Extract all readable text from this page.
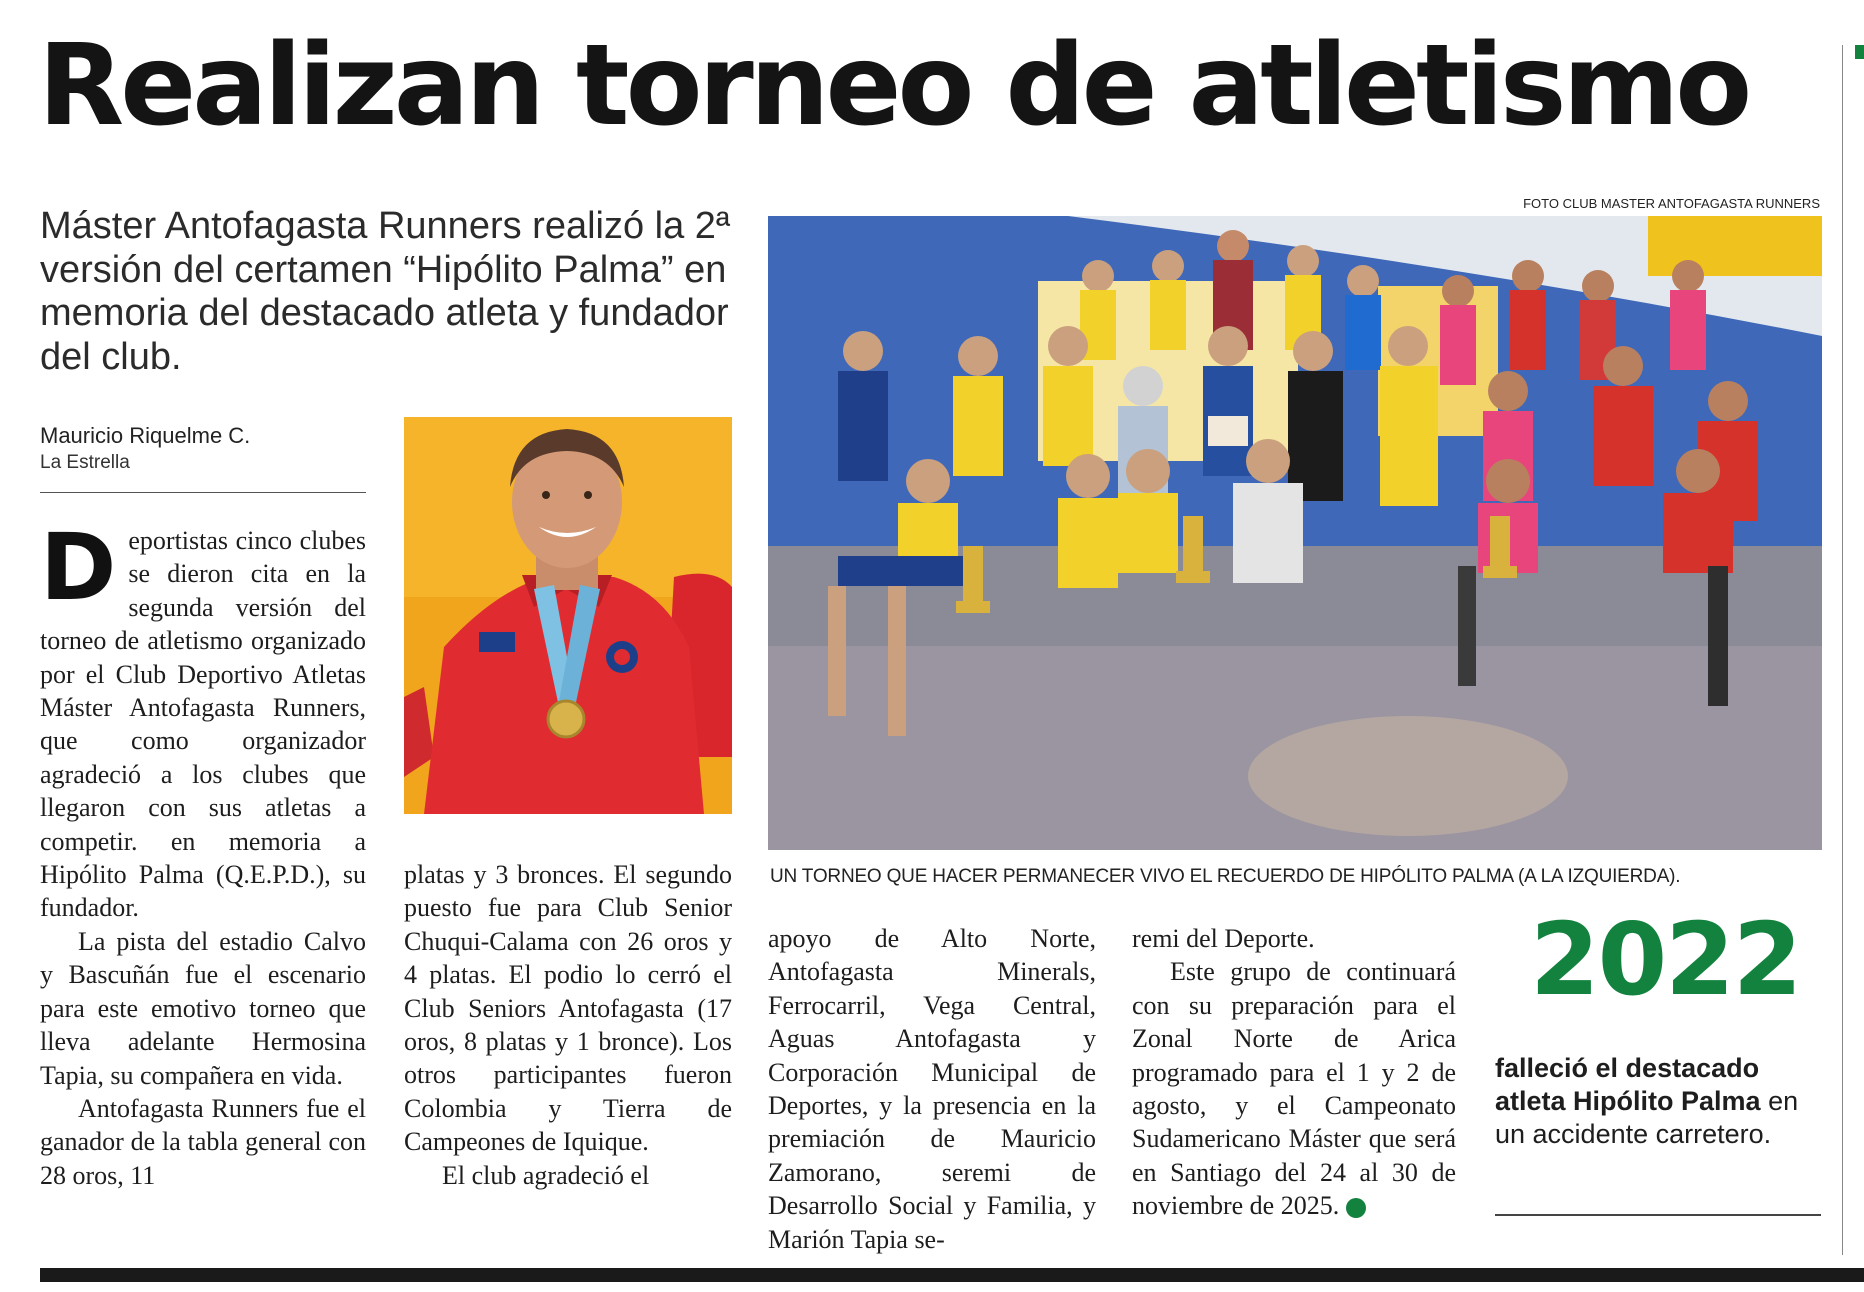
Realizan torneo de atletismo
Máster Antofagasta Runners realizó la 2ª versión del certamen “Hipólito Palma” en memoria del destacado atleta y fundador del club.
Mauricio Riquelme C.
La Estrella
FOTO CLUB MASTER ANTOFAGASTA RUNNERS
UN TORNEO QUE HACER PERMANECER VIVO EL RECUERDO DE HIPÓLITO PALMA (A LA IZQUIERDA).

Deportistas cinco clubes se dieron cita en la segunda versión del torneo de atletismo organizado por el Club Deportivo Atletas Máster Antofagasta Runners, que como organizador agradeció a los clubes que llegaron con sus atletas a competir. en memoria a Hipólito Palma (Q.E.P.D.), su fundador.

La pista del estadio Calvo y Bascuñán fue el escenario para este emotivo torneo que lleva adelante Hermosina Tapia, su compañera en vida.

Antofagasta Runners fue el ganador de la tabla general con 28 oros, 11

platas y 3 bronces. El segundo puesto fue para Club Senior Chuqui-Calama con 26 oros y 4 platas. El podio lo cerró el Club Seniors Antofagasta (17 oros, 8 platas y 1 bronce). Los otros participantes fueron Colombia y Tierra de Campeones de Iquique.

El club agradeció el

apoyo de Alto Norte, Antofagasta Minerals, Ferrocarril, Vega Central, Aguas Antofagasta y Corporación Municipal de Deportes, y la presencia en la premiación de Mauricio Zamorano, seremi de Desarrollo Social y Familia, y Marión Tapia se-

remi del Deporte.

Este grupo de continuará con su preparación para el Zonal Norte de Arica programado para el 1 y 2 de agosto, y el Campeonato Sudamericano Máster que será en Santiago del 24 al 30 de noviembre de 2025.	✪

2022
falleció el destacado atleta Hipólito Palma en un accidente carretero.
